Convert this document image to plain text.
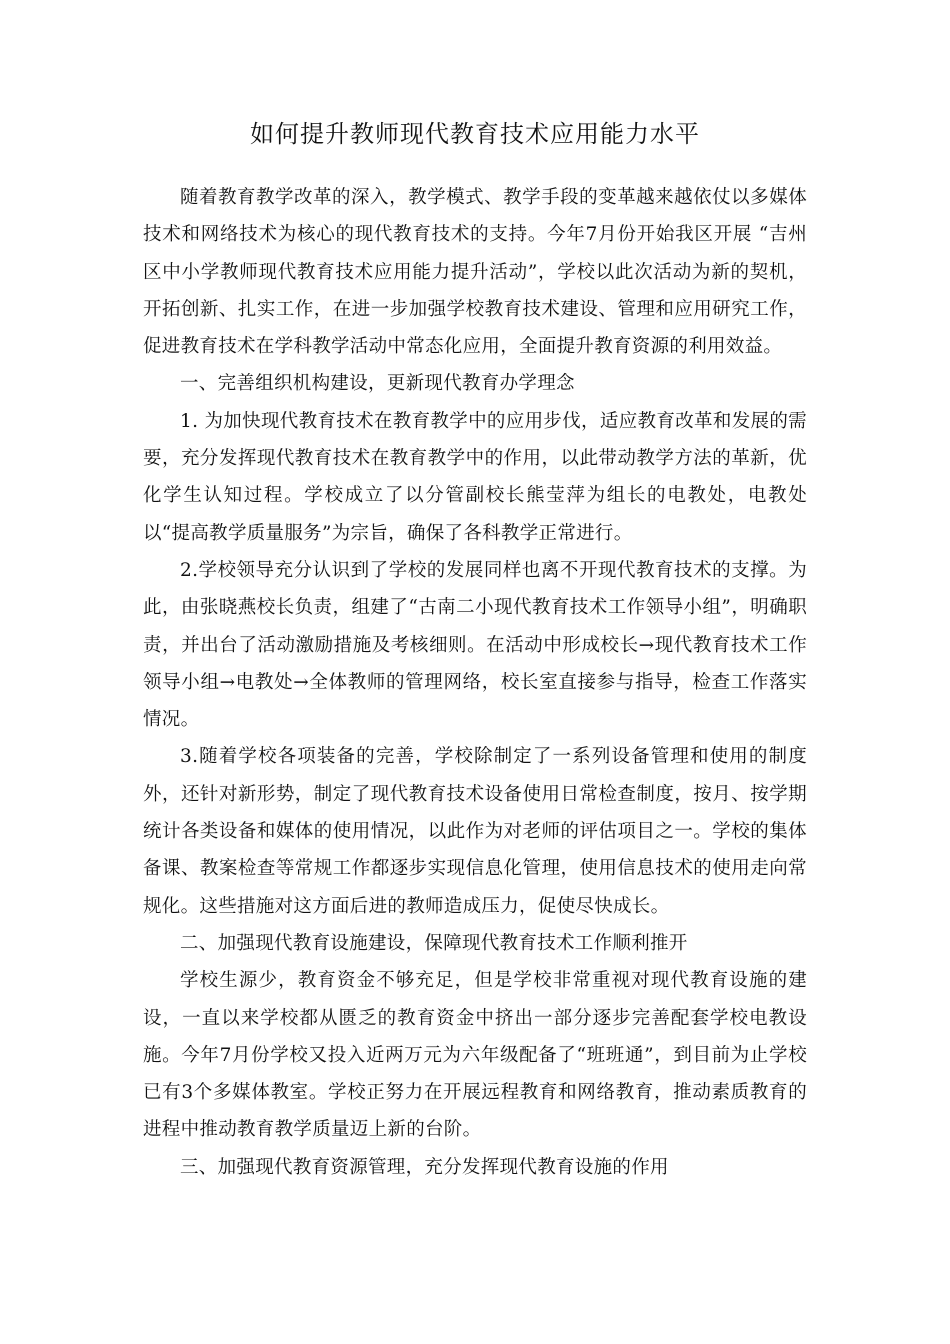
如何提升教师现代教育技术应用能力水平

随着教育教学改革的深入，教学模式、教学手段的变革越来越依仗以多媒体技术和网络技术为核心的现代教育技术的支持。今年7月份开始我区开展 “吉州区中小学教师现代教育技术应用能力提升活动”，学校以此次活动为新的契机，开拓创新、扎实工作，在进一步加强学校教育技术建设、管理和应用研究工作，促进教育技术在学科教学活动中常态化应用，全面提升教育资源的利用效益。

一、完善组织机构建设，更新现代教育办学理念

1. 为加快现代教育技术在教育教学中的应用步伐，适应教育改革和发展的需要，充分发挥现代教育技术在教育教学中的作用，以此带动教学方法的革新，优化学生认知过程。学校成立了以分管副校长熊莹萍为组长的电教处，电教处以“提高教学质量服务”为宗旨，确保了各科教学正常进行。

2.学校领导充分认识到了学校的发展同样也离不开现代教育技术的支撑。为此，由张晓燕校长负责，组建了“古南二小现代教育技术工作领导小组”，明确职责，并出台了活动激励措施及考核细则。在活动中形成校长→现代教育技术工作领导小组→电教处→全体教师的管理网络，校长室直接参与指导，检查工作落实情况。

3.随着学校各项装备的完善，学校除制定了一系列设备管理和使用的制度外，还针对新形势，制定了现代教育技术设备使用日常检查制度，按月、按学期统计各类设备和媒体的使用情况，以此作为对老师的评估项目之一。学校的集体备课、教案检查等常规工作都逐步实现信息化管理，使用信息技术的使用走向常规化。这些措施对这方面后进的教师造成压力，促使尽快成长。

二、加强现代教育设施建设，保障现代教育技术工作顺利推开

学校生源少，教育资金不够充足，但是学校非常重视对现代教育设施的建设，一直以来学校都从匮乏的教育资金中挤出一部分逐步完善配套学校电教设施。今年7月份学校又投入近两万元为六年级配备了“班班通”，到目前为止学校已有3个多媒体教室。学校正努力在开展远程教育和网络教育，推动素质教育的进程中推动教育教学质量迈上新的台阶。

三、加强现代教育资源管理，充分发挥现代教育设施的作用
